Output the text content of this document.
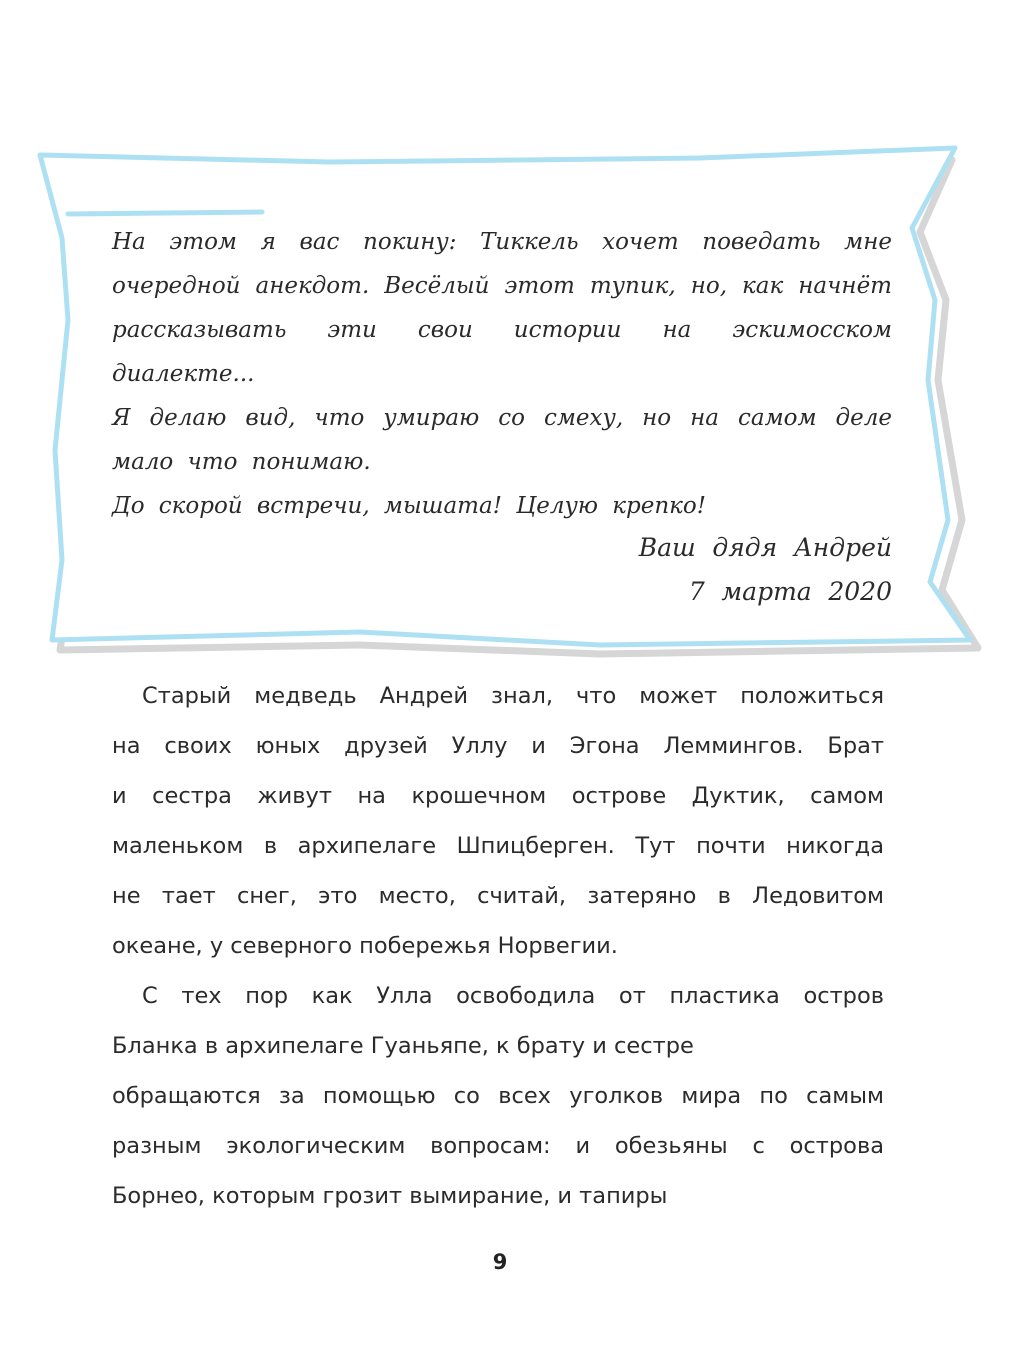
На этом я вас покину: Тиккель хочет поведать мне
очередной анекдот. Весёлый этот тупик, но, как начнёт
рассказывать эти свои истории на эскимосском диалекте...
Я делаю вид, что умираю со смеху, но на самом деле
мало что понимаю.
До скорой встречи, мышата! Целую крепко!
Ваш дядя Андрей
7 марта 2020
Старый медведь Андрей знал, что может положиться
на своих юных друзей Уллу и Эгона Леммингов. Брат
и сестра живут на крошечном острове Дуктик, самом
маленьком в архипелаге Шпицберген. Тут почти никогда
не тает снег, это место, считай, затеряно в Ледовитом
океане, у северного побережья Норвегии.
С тех пор как Улла освободила от пластика остров
Бланка в архипелаге Гуаньяпе, к брату и сестре
обращаются за помощью со всех уголков мира по самым
разным экологическим вопросам: и обезьяны с острова
Борнео, которым грозит вымирание, и тапиры
9
